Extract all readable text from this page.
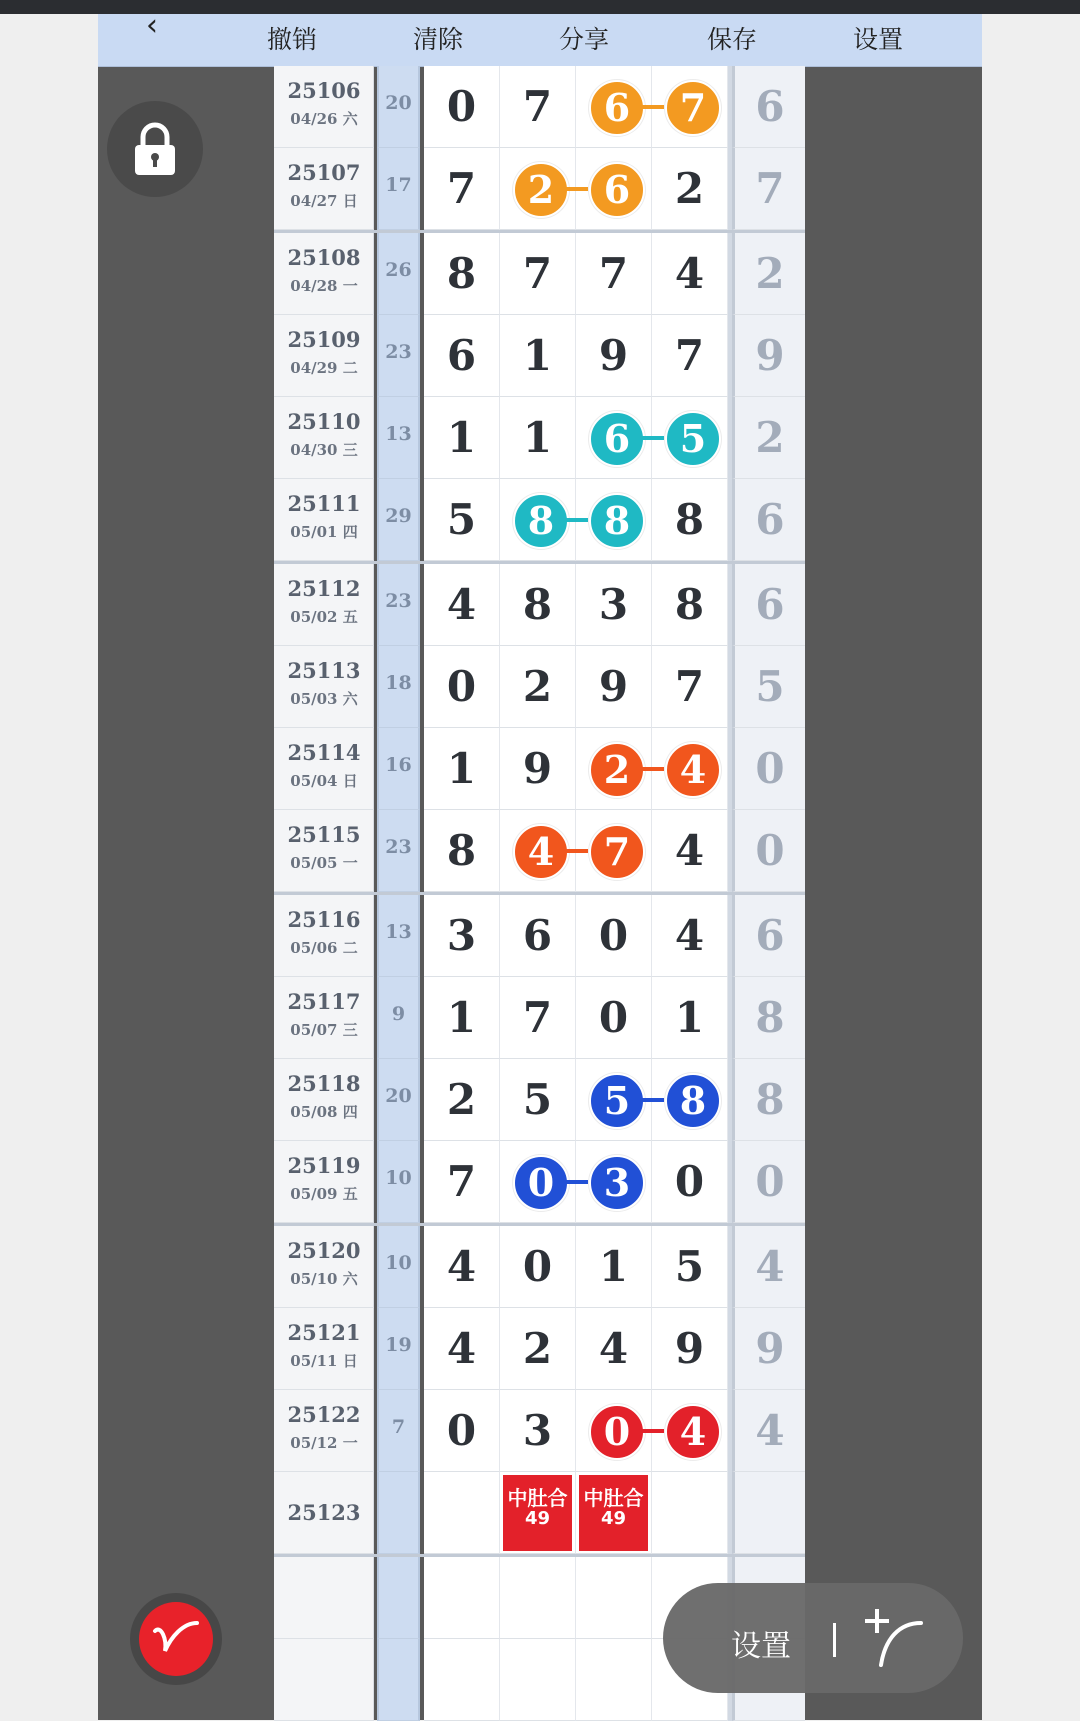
‹	撤销	清除	分享	保存	设置
25106
04/26 六
20 0	7	6	7	6
25107
04/27 日
17 7	2	6	2	7
25108
04/28 一
26 8	7	7	4	2
25109
04/29 二
23 6	1	9	7	9
25110
04/30 三
13 1	1	6	5	2
25111
05/01 四
29 5	8	8	8	6
25112
05/02 五
23 4	8	3	8	6
25113
05/03 六
18 0	2	9	7	5
25114
05/04 日
16 1	9	2	4	0
25115
05/05 一
23 8	4	7	4	0
25116
05/06 二
13 3	6	0	4	6
25117
05/07 三
9 1	7	0	1	8
25118
05/08 四
20 2	5	5	8	8
25119
05/09 五
10 7	0	3	0	0
25120
05/10 六
10 4	0	1	5	4
25121
05/11 日
19 4	2	4	9	9
25122
05/12 一
7 0	3	0	4	4
25123
中肚合
49
中肚合
49
设置
